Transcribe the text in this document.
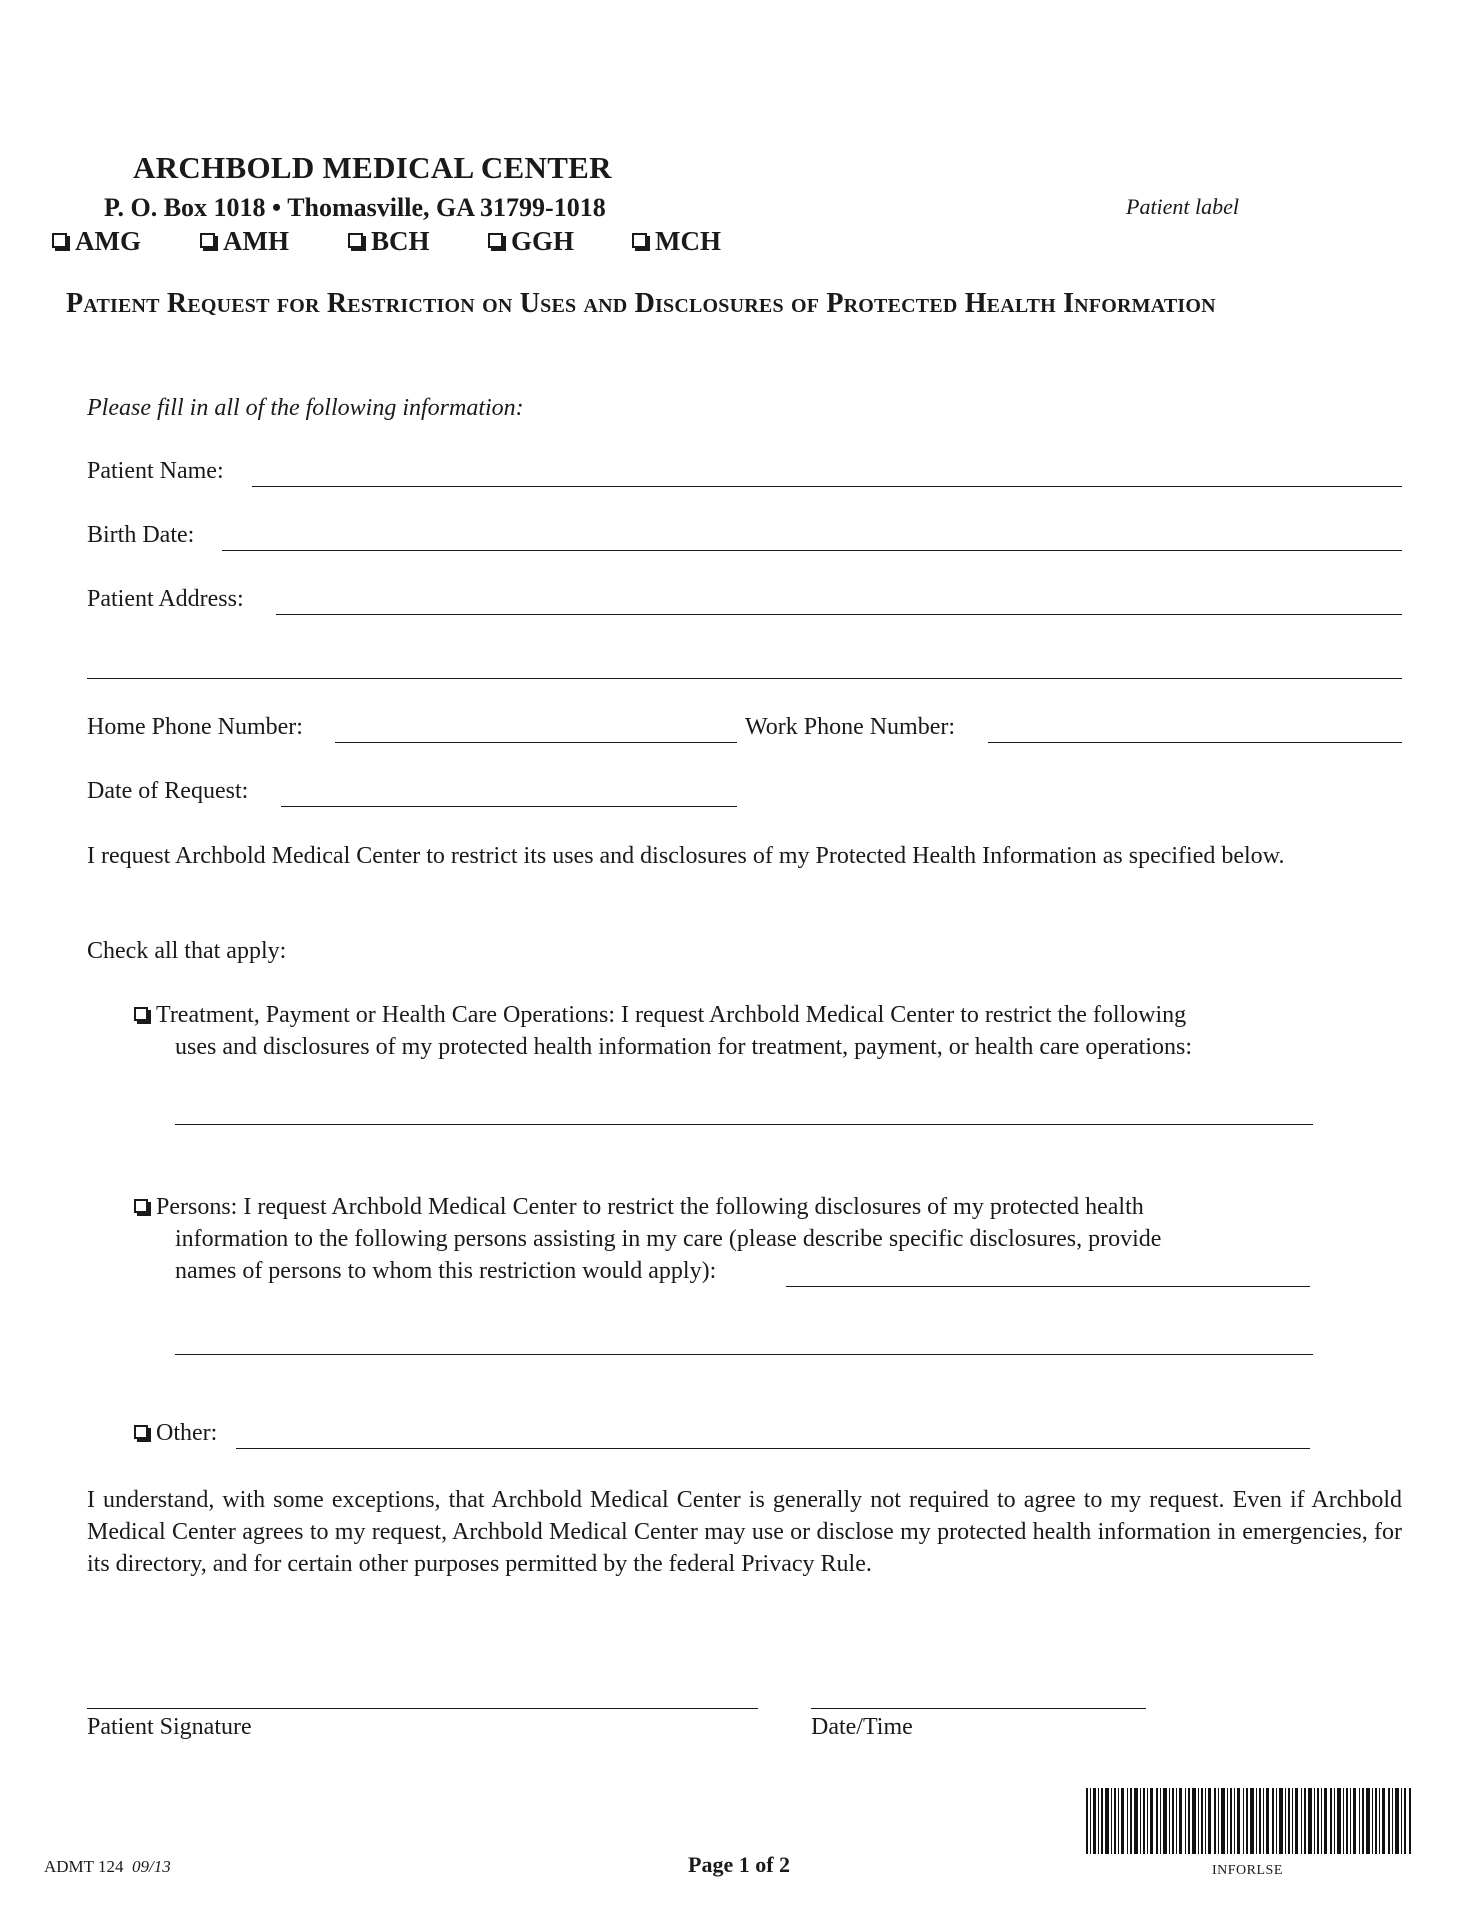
ARCHBOLD MEDICAL CENTER
P. O. Box 1018 • Thomasville, GA 31799-1018	Patient label
AMG	AMH	BCH	GGH	MCH
Patient Request for Restriction on Uses and Disclosures of Protected Health Information
Please fill in all of the following information:
Patient Name:
Birth Date:
Patient Address:
Home Phone Number:	Work Phone Number:
Date of Request:
I request Archbold Medical Center to restrict its uses and disclosures of my Protected Health Information as specified below.
Check all that apply:
Treatment, Payment or Health Care Operations: I request Archbold Medical Center to restrict the following
uses and disclosures of my protected health information for treatment, payment, or health care operations:
Persons: I request Archbold Medical Center to restrict the following disclosures of my protected health
information to the following persons assisting in my care (please describe specific disclosures, provide
names of persons to whom this restriction would apply):
Other:
I understand, with some exceptions, that Archbold Medical Center is generally not required to agree to my request. Even if Archbold Medical Center agrees to my request, Archbold Medical Center may use or disclose my protected health information in emergencies, for its directory, and for certain other purposes permitted by the federal Privacy Rule.
Patient Signature	Date/Time
ADMT 124 09/13	Page 1 of 2	INFORLSE
